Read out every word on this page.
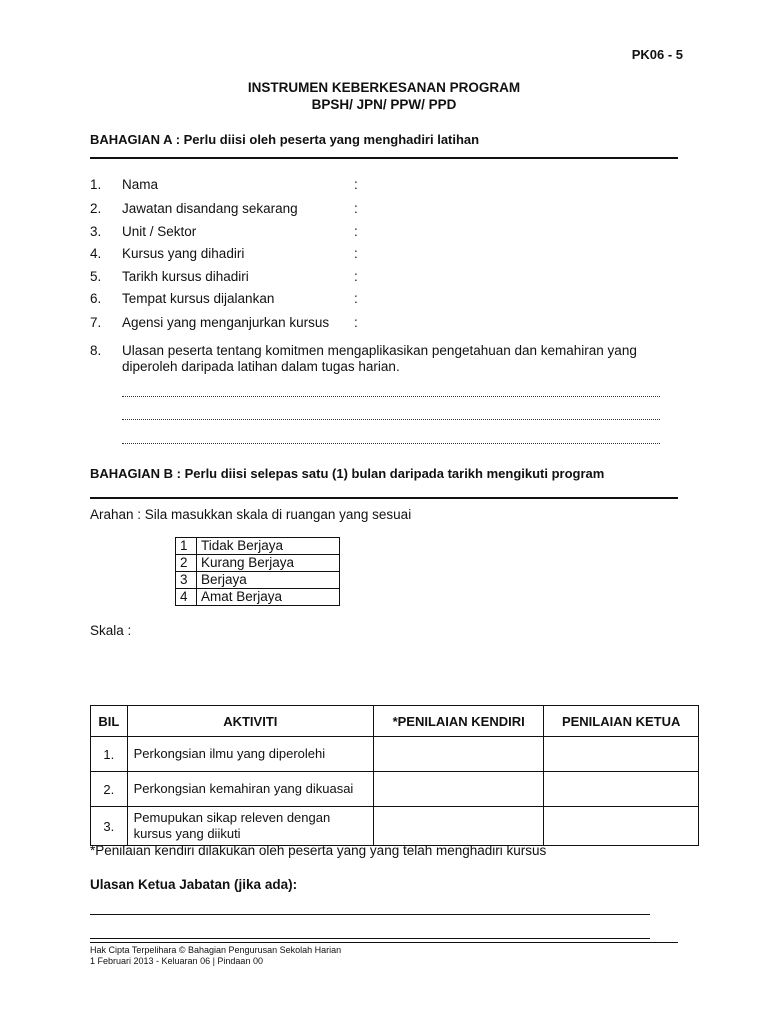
PK06 - 5
INSTRUMEN KEBERKESANAN PROGRAM
BPSH/ JPN/ PPW/ PPD
BAHAGIAN A : Perlu diisi oleh peserta yang menghadiri latihan
1.	Nama	:
2.	Jawatan disandang sekarang	:
3.	Unit / Sektor	:
4.	Kursus yang dihadiri	:
5.	Tarikh kursus dihadiri	:
6.	Tempat kursus dijalankan	:
7.	Agensi yang menganjurkan kursus :
8.	Ulasan peserta tentang komitmen mengaplikasikan pengetahuan dan kemahiran yang diperoleh daripada latihan dalam tugas harian.
BAHAGIAN B : Perlu diisi selepas satu (1) bulan daripada tarikh mengikuti program
Arahan : Sila masukkan skala di ruangan yang sesuai
1	Tidak Berjaya
2	Kurang Berjaya
3	Berjaya
4	Amat Berjaya
Skala :
BIL	AKTIVITI	*PENILAIAN KENDIRI	PENILAIAN KETUA
1.	Perkongsian ilmu yang diperolehi		
2.	Perkongsian kemahiran yang dikuasai		
3.	Pemupukan sikap releven dengan kursus yang diikuti		
*Penilaian kendiri dilakukan oleh peserta yang yang telah menghadiri kursus
Ulasan Ketua Jabatan (jika ada):
Hak Cipta Terpelihara © Bahagian Pengurusan Sekolah Harian
1 Februari 2013 - Keluaran 06 | Pindaan 00
